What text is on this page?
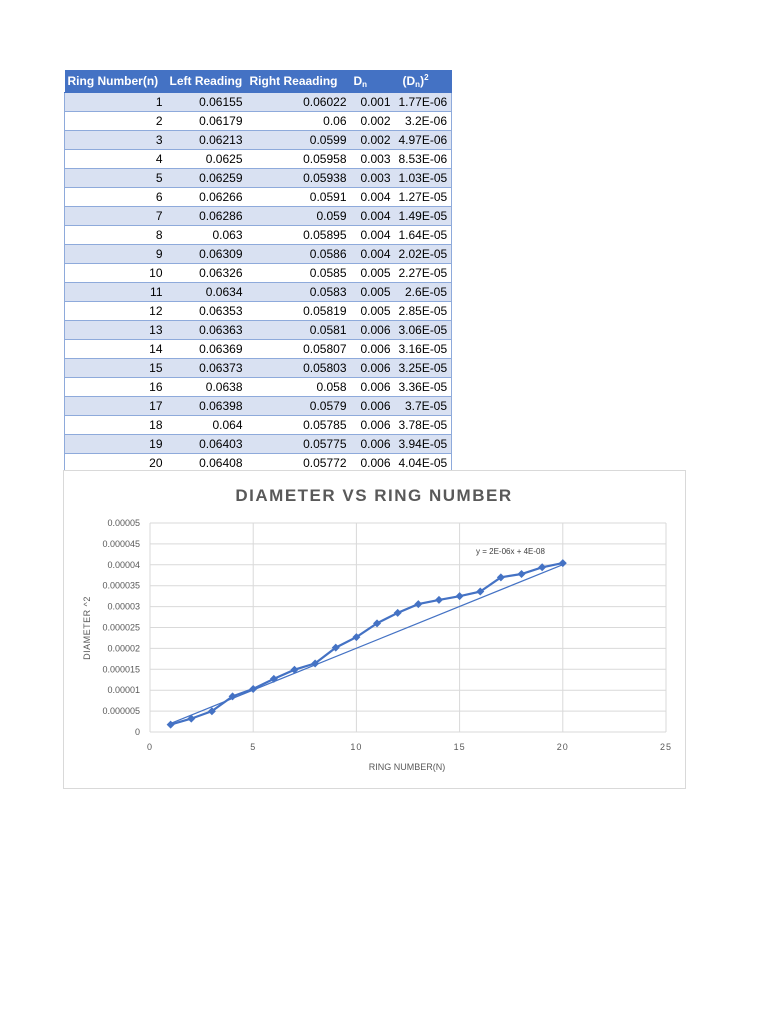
Ring Number(n)	Left Reading	Right Reaading	$D_n$	$(D_n)^2$
1	0.06155	0.06022	0.001	1.77E-06
2	0.06179	0.06	0.002	3.2E-06
3	0.06213	0.0599	0.002	4.97E-06
4	0.0625	0.05958	0.003	8.53E-06
5	0.06259	0.05938	0.003	1.03E-05
6	0.06266	0.0591	0.004	1.27E-05
7	0.06286	0.059	0.004	1.49E-05
8	0.063	0.05895	0.004	1.64E-05
9	0.06309	0.0586	0.004	2.02E-05
10	0.06326	0.0585	0.005	2.27E-05
11	0.0634	0.0583	0.005	2.6E-05
12	0.06353	0.05819	0.005	2.85E-05
13	0.06363	0.0581	0.006	3.06E-05
14	0.06369	0.05807	0.006	3.16E-05
15	0.06373	0.05803	0.006	3.25E-05
16	0.0638	0.058	0.006	3.36E-05
17	0.06398	0.0579	0.006	3.7E-05
18	0.064	0.05785	0.006	3.78E-05
19	0.06403	0.05775	0.006	3.94E-05
20	0.06408	0.05772	0.006	4.04E-05
DIAMETER VS RING NUMBER
0
0.000005
0.00001
0.000015
0.00002
0.000025
0.00003
0.000035
0.00004
0.000045
0.00005
0	5	10	15	20	25
y = 2E-06x + 4E-08
RING NUMBER(N)
DIAMETER ^2
